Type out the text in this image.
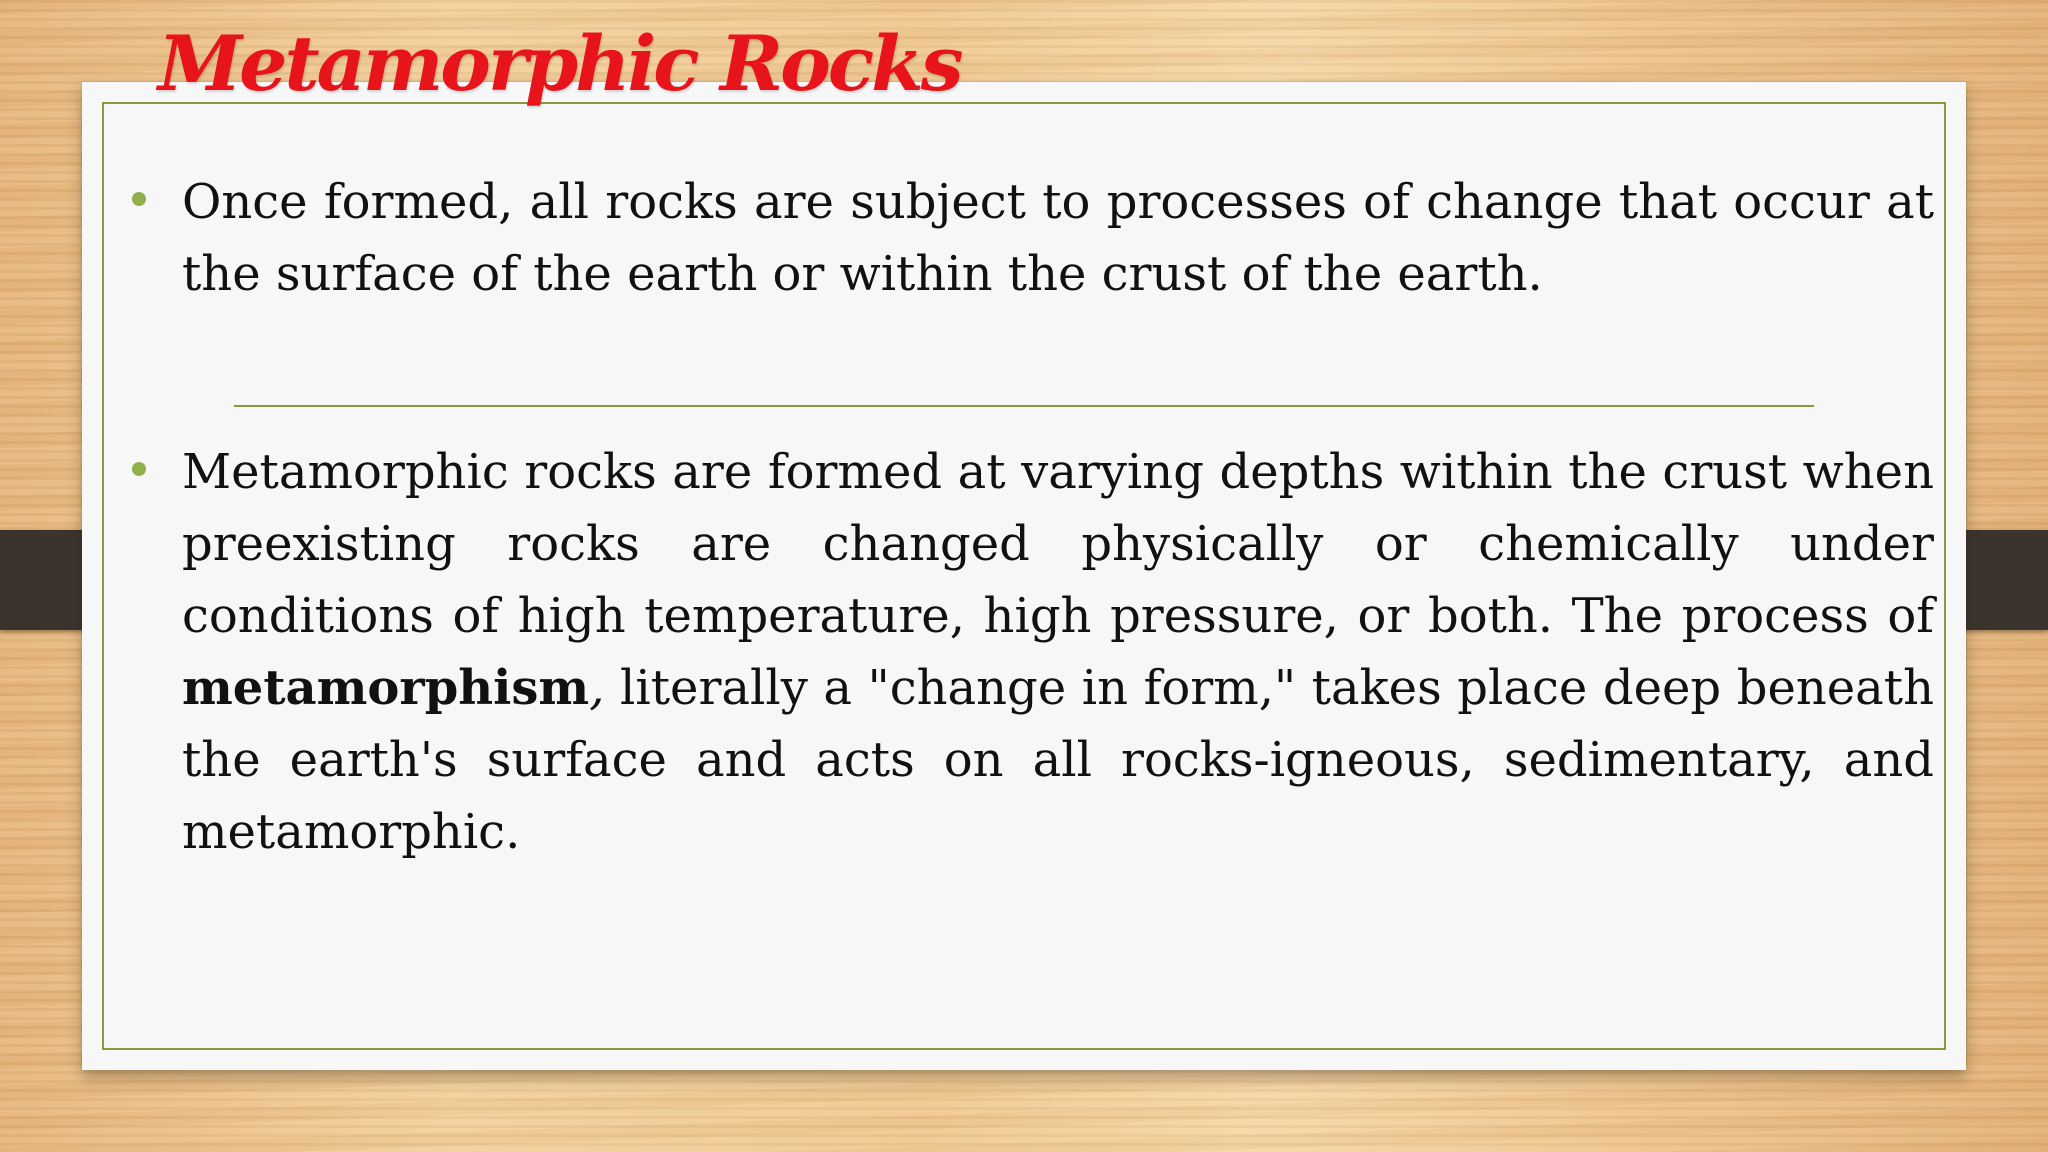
Metamorphic Rocks

Once formed, all rocks are subject to processes of change that occur at the surface of the earth or within the crust of the earth.

Metamorphic rocks are formed at varying depths within the crust when preexisting rocks are changed physically or chemically under conditions of high temperature, high pressure, or both. The process of metamorphism, literally a "change in form," takes place deep beneath the earth's surface and acts on all rocks-igneous, sedimentary, and metamorphic.
